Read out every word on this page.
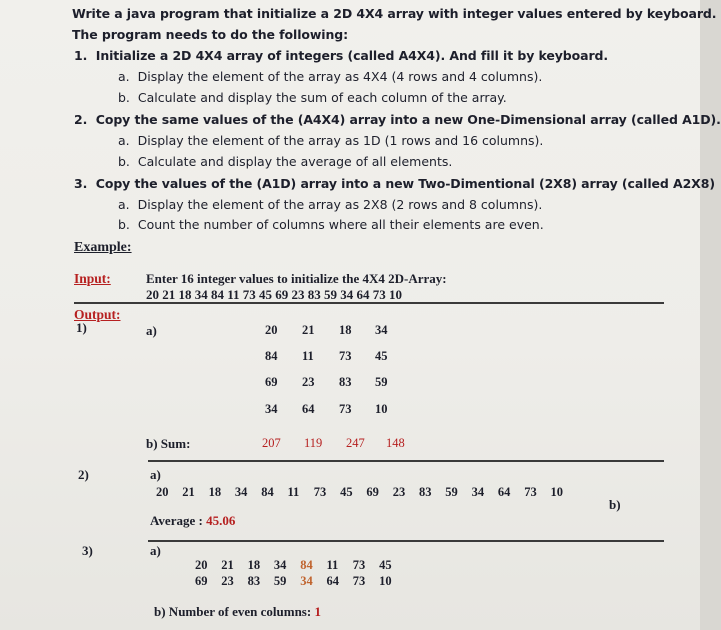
Write a java program that initialize a 2D 4X4 array with integer values entered by keyboard.
The program needs to do the following:
1. Initialize a 2D 4X4 array of integers (called A4X4). And fill it by keyboard.
a. Display the element of the array as 4X4 (4 rows and 4 columns).
b. Calculate and display the sum of each column of the array.
2. Copy the same values of the (A4X4) array into a new One-Dimensional array (called A1D).
a. Display the element of the array as 1D (1 rows and 16 columns).
b. Calculate and display the average of all elements.
3. Copy the values of the (A1D) array into a new Two-Dimentional (2X8) array (called A2X8)
a. Display the element of the array as 2X8 (2 rows and 8 columns).
b. Count the number of columns where all their elements are even.
Example:
Input:	Enter 16 integer values to initialize the 4X4 2D-Array:
20 21 18 34 84 11 73 45 69 23 83 59 34 64 73 10
Output:
1)	a)	20 21 18 34
84 11 73 45
69 23 83 59
34 64 73 10
b) Sum:	207 119 247 148
2)	a)
20 21 18 34 84 11 73 45 69 23 83 59 34 64 73 10
b)
Average : 45.06
3)	a)
20 21 18 34 84 11 73 45
69 23 83 59 34 64 73 10
b) Number of even columns: 1
